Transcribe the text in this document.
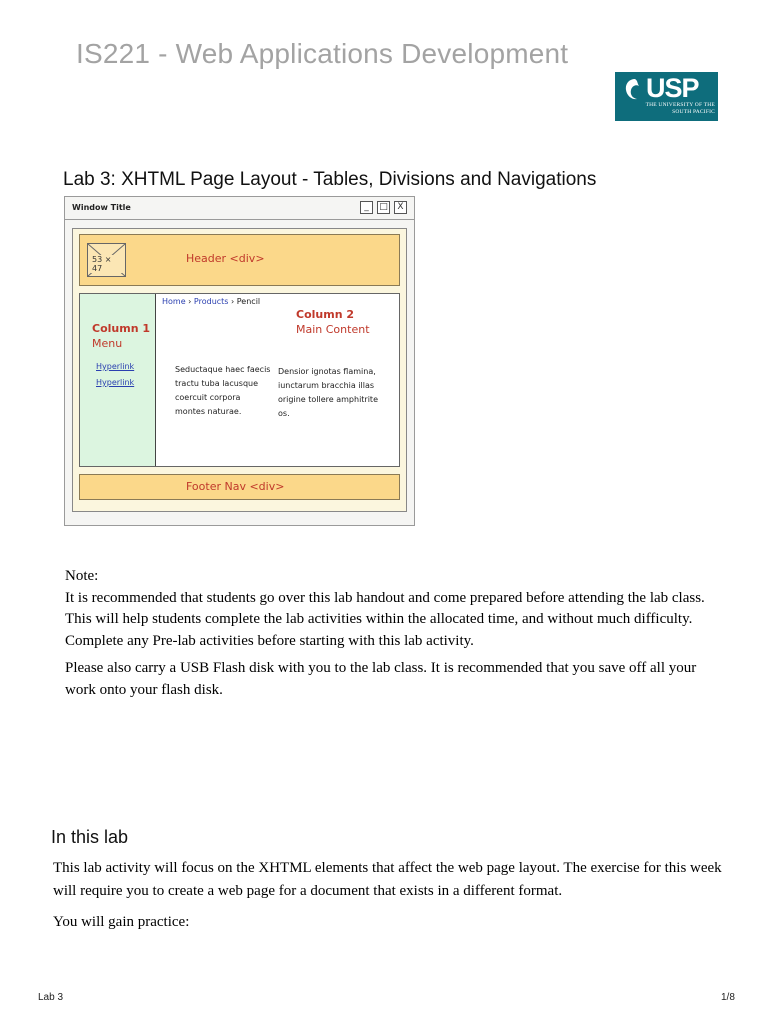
IS221 - Web Applications Development
USP
THE UNIVERSITY OF THE SOUTH PACIFIC
Lab 3: XHTML Page Layout - Tables, Divisions and Navigations
Window Title	_	□	X
53 × 47
Header <div>
Column 1
Menu
Hyperlink
Hyperlink
Home › Products › Pencil
Column 2
Main Content
Seductaque haec faecis tractu tuba lacusque coercuit corpora montes naturae.
Densior ignotas flamina, iunctarum bracchia illas origine tollere amphitrite os.
Footer Nav <div>

Note:

It is recommended that students go over this lab handout and come prepared before attending the lab class.

This will help students complete the lab activities within the allocated time, and without much difficulty. Complete any Pre-lab activities before starting with this lab activity.

Please also carry a USB Flash disk with you to the lab class. It is recommended that you save off all your work onto your flash disk.

In this lab

This lab activity will focus on the XHTML elements that affect the web page layout. The exercise for this week will require you to create a web page for a document that exists in a different format.

You will gain practice:

Lab 3	1/8
